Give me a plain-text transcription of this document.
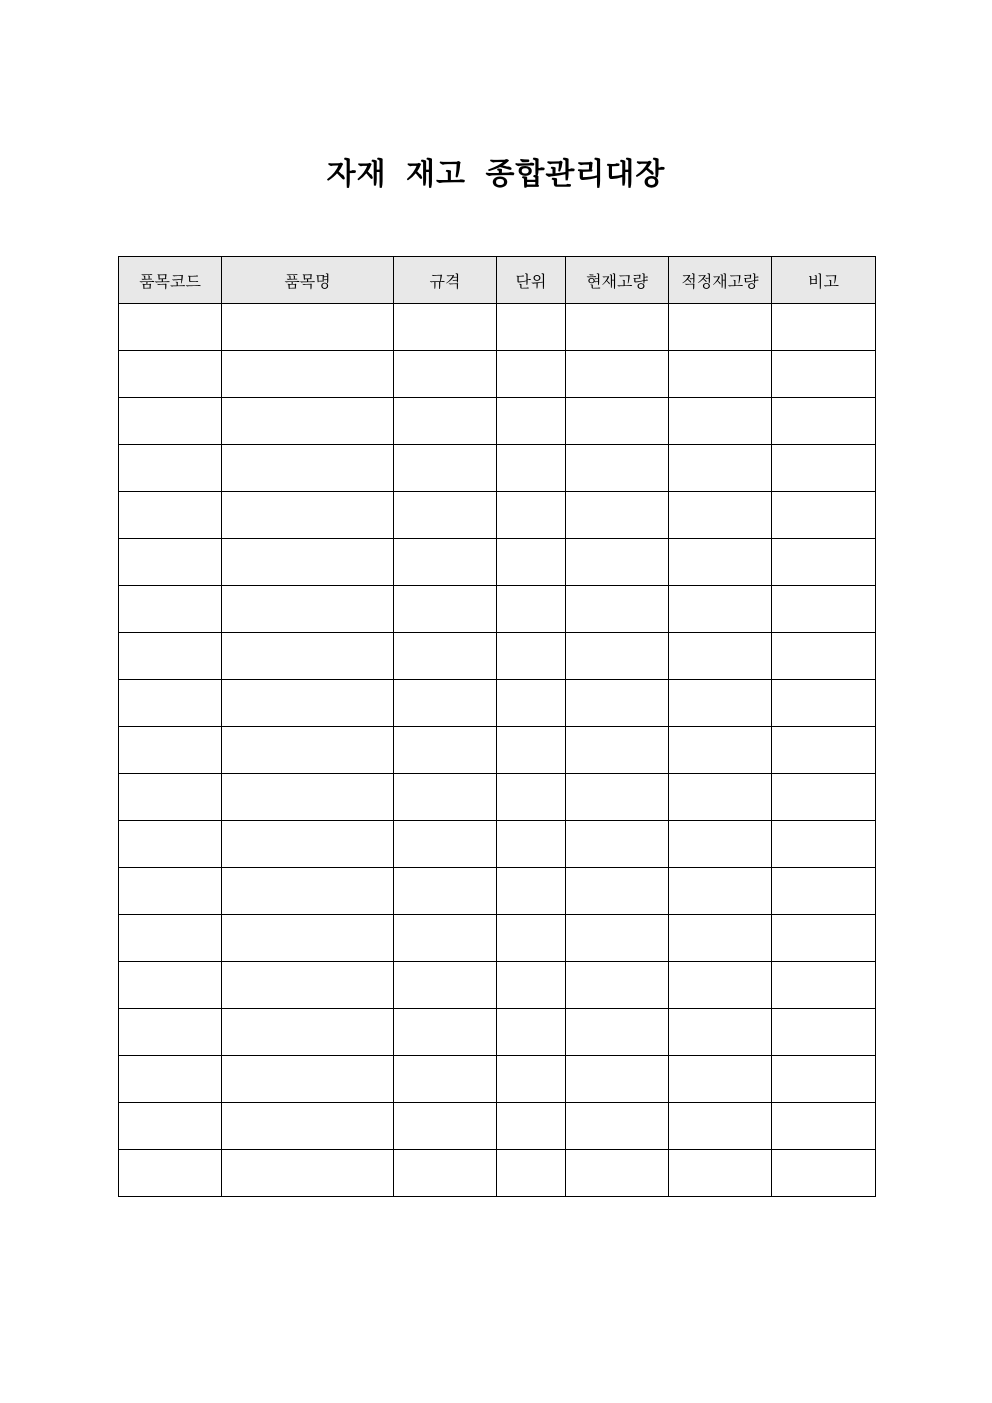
자재 재고 종합관리대장
품목코드	품목명	규격	단위	현재고량	적정재고량	비고
